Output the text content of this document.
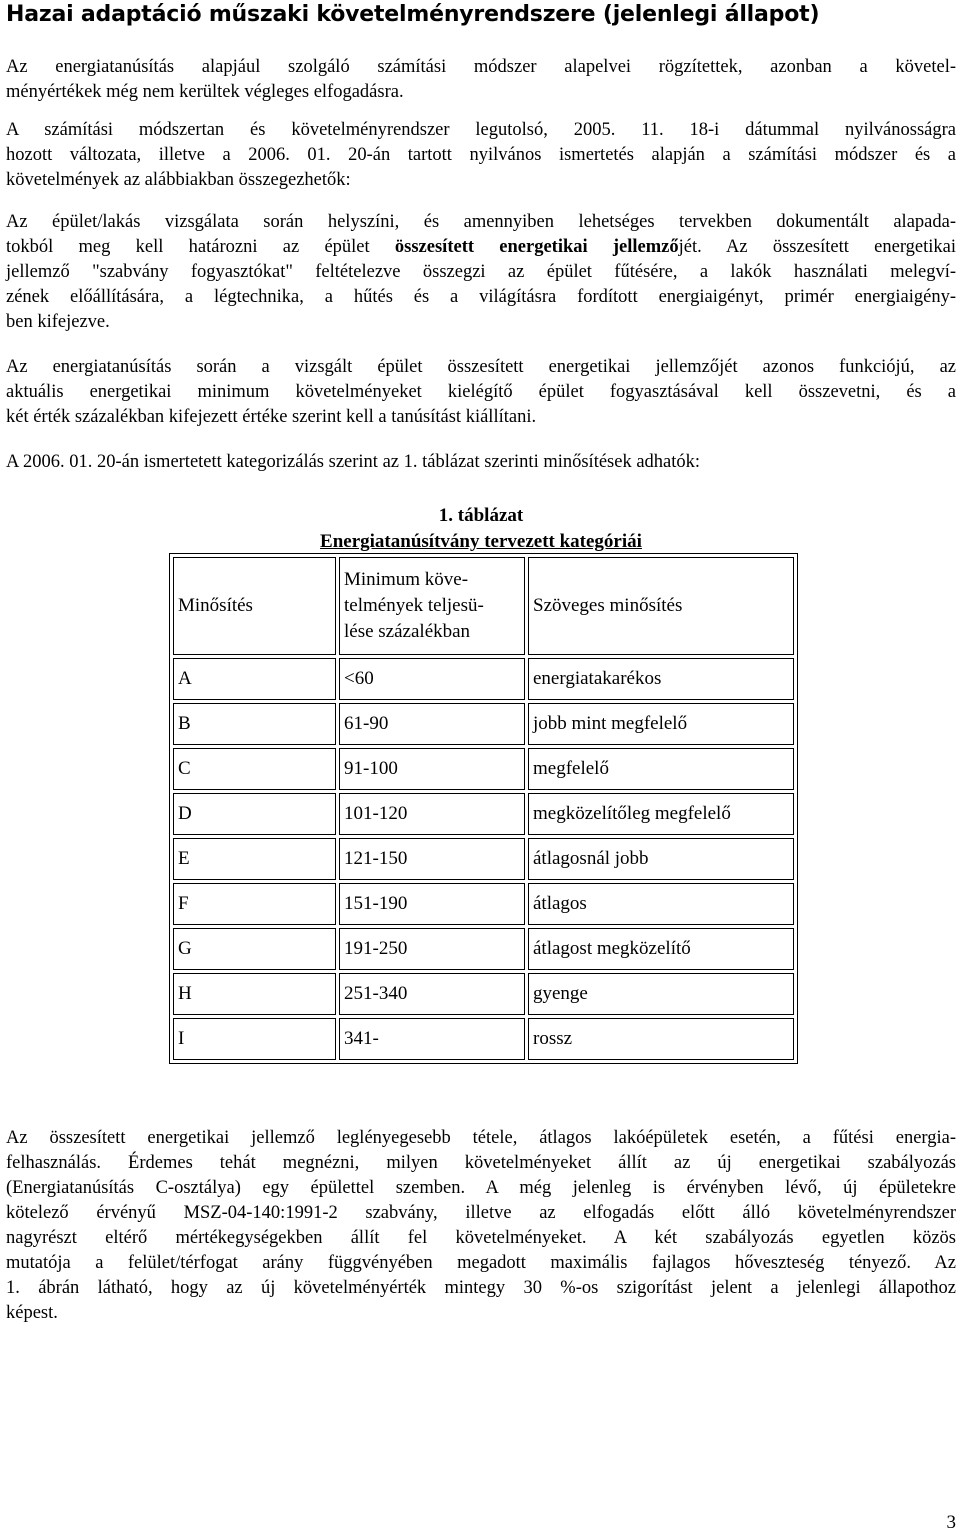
Hazai adaptáció műszaki követelményrendszere (jelenlegi állapot)
Az energiatanúsítás alapjául szolgáló számítási módszer alapelvei rögzítettek, azonban a követel-
ményértékek még nem kerültek végleges elfogadásra.
A számítási módszertan és követelményrendszer legutolsó, 2005. 11. 18-i dátummal nyilvánosságra
hozott változata, illetve a 2006. 01. 20-án tartott nyilvános ismertetés alapján a számítási módszer és a
követelmények az alábbiakban összegezhetők:
Az épület/lakás vizsgálata során helyszíni, és amennyiben lehetséges tervekben dokumentált alapada-
tokból meg kell határozni az épület összesített energetikai jellemzőjét. Az összesített energetikai
jellemző "szabvány fogyasztókat" feltételezve összegzi az épület fűtésére, a lakók használati melegví-
zének előállítására, a légtechnika, a hűtés és a világításra fordított energiaigényt, primér energiaigény-
ben kifejezve.
Az energiatanúsítás során a vizsgált épület összesített energetikai jellemzőjét azonos funkciójú, az
aktuális energetikai minimum követelményeket kielégítő épület fogyasztásával kell összevetni, és a
két érték százalékban kifejezett értéke szerint kell a tanúsítást kiállítani.
A 2006. 01. 20-án ismertetett kategorizálás szerint az 1. táblázat szerinti minősítések adhatók:
1. táblázat
Energiatanúsítvány tervezett kategóriái
Minősítés	Minimum köve-
telmények teljesü-
lése százalékban	Szöveges minősítés
A	<60	energiatakarékos
B	61-90	jobb mint megfelelő
C	91-100	megfelelő
D	101-120	megközelítőleg megfelelő
E	121-150	átlagosnál jobb
F	151-190	átlagos
G	191-250	átlagost megközelítő
H	251-340	gyenge
I	341-	rossz
Az összesített energetikai jellemző leglényegesebb tétele, átlagos lakóépületek esetén, a fűtési energia-
felhasználás. Érdemes tehát megnézni, milyen követelményeket állít az új energetikai szabályozás
(Energiatanúsítás C-osztálya) egy épülettel szemben. A még jelenleg is érvényben lévő, új épületekre
kötelező érvényű MSZ-04-140:1991-2 szabvány, illetve az elfogadás előtt álló követelményrendszer
nagyrészt eltérő mértékegységekben állít fel követelményeket. A két szabályozás egyetlen közös
mutatója a felület/térfogat arány függvényében megadott maximális fajlagos hőveszteség tényező. Az
1. ábrán látható, hogy az új követelményérték mintegy 30 %-os szigorítást jelent a jelenlegi állapothoz
képest.
3
